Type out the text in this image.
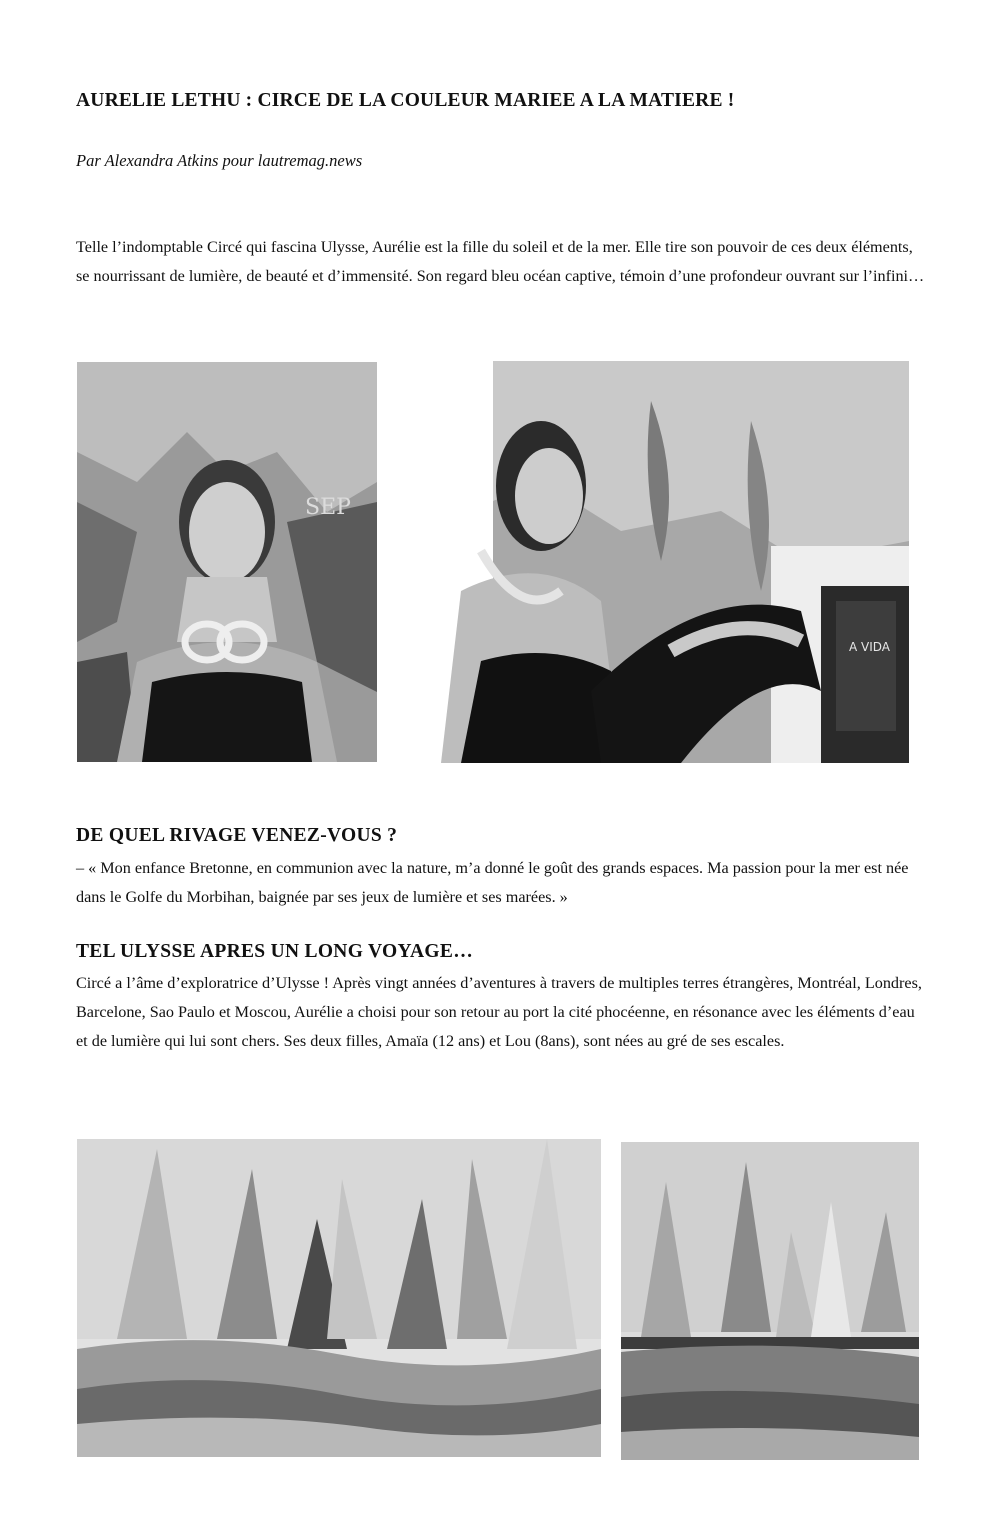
AURELIE LETHU : CIRCE DE LA COULEUR MARIEE A LA MATIERE !
Par Alexandra Atkins pour lautremag.news
Telle l’indomptable Circé qui fascina Ulysse, Aurélie est la fille du soleil et de la mer. Elle tire son pouvoir de ces deux éléments, se nourrissant de lumière, de beauté et d’immensité. Son regard bleu océan captive, témoin d’une profondeur ouvrant sur l’infini…
SEP
A VIDA
DE QUEL RIVAGE VENEZ-VOUS ?
– « Mon enfance Bretonne, en communion avec la nature, m’a donné le goût des grands espaces. Ma passion pour la mer est née dans le Golfe du Morbihan, baignée par ses jeux de lumière et ses marées. »
TEL ULYSSE APRES UN LONG VOYAGE…
Circé a l’âme d’exploratrice d’Ulysse ! Après vingt années d’aventures à travers de multiples terres étrangères, Montréal, Londres, Barcelone, Sao Paulo et Moscou, Aurélie a choisi pour son retour au port la cité phocéenne, en résonance avec les éléments d’eau et de lumière qui lui sont chers. Ses deux filles, Amaïa (12 ans) et Lou (8ans), sont nées au gré de ses escales.
